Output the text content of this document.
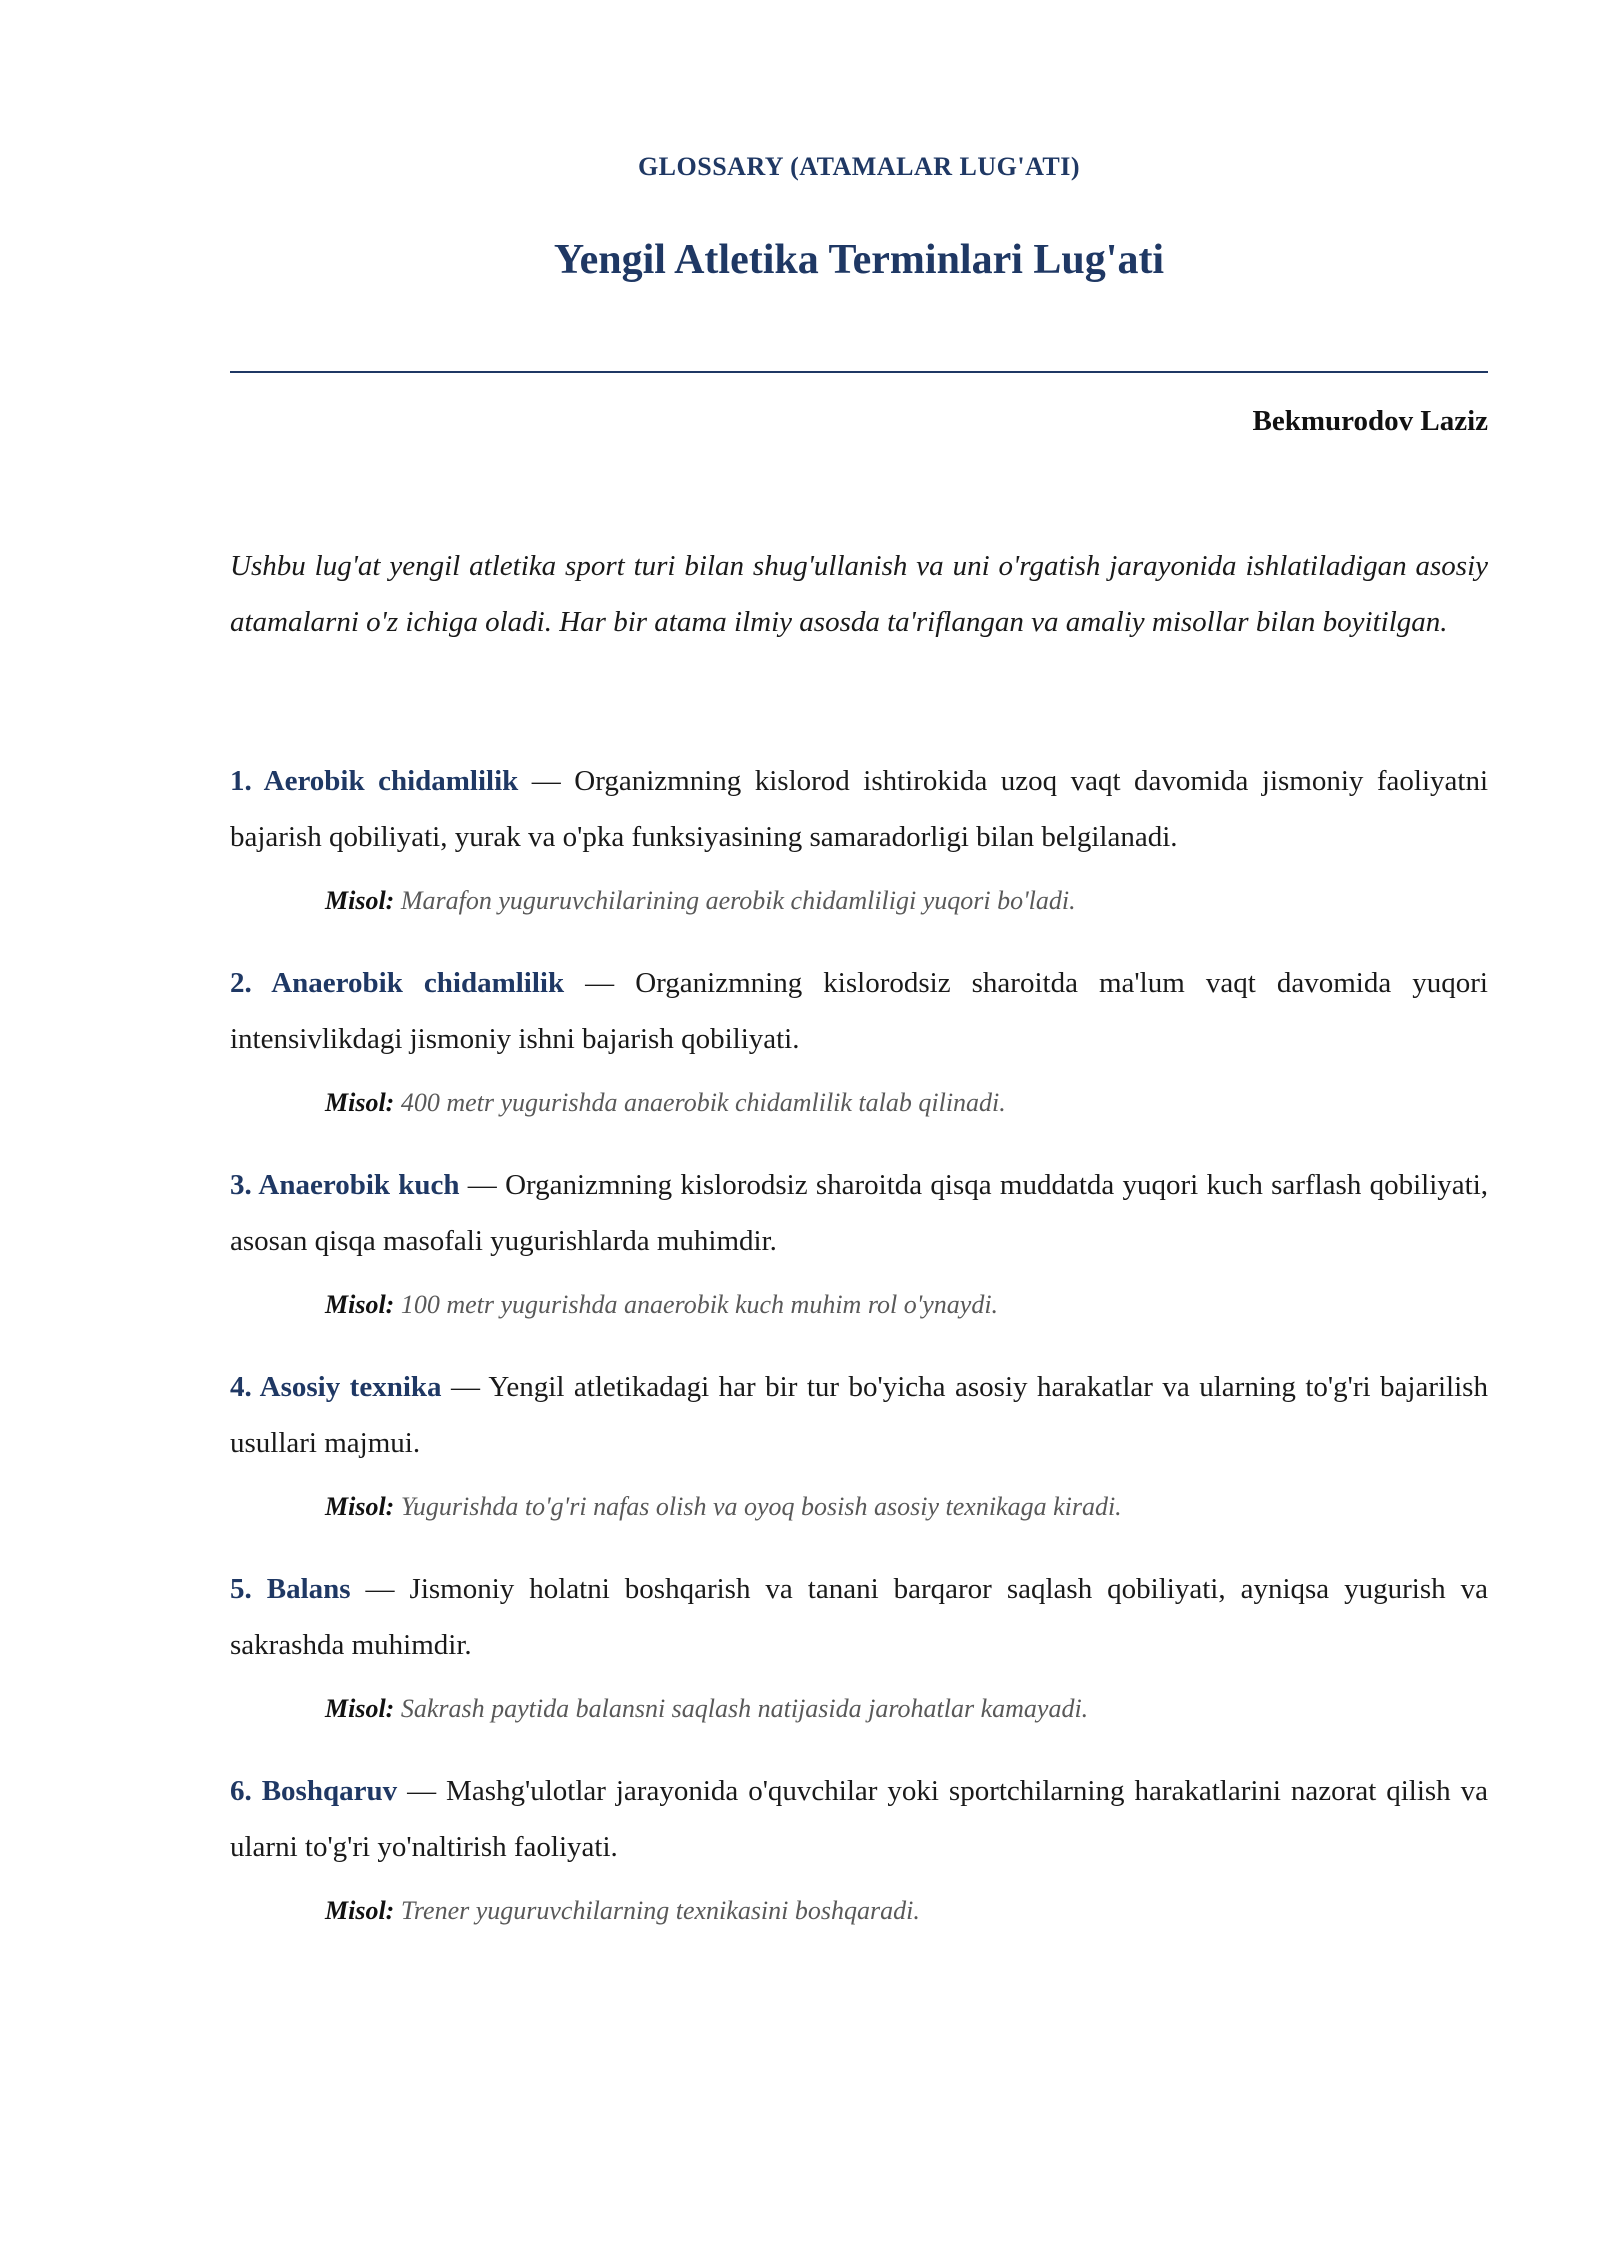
GLOSSARY (ATAMALAR LUG'ATI)
Yengil Atletika Terminlari Lug'ati
Bekmurodov Laziz
Ushbu lug'at yengil atletika sport turi bilan shug'ullanish va uni o'rgatish jarayonida ishlatiladigan asosiy atamalarni o'z ichiga oladi. Har bir atama ilmiy asosda ta'riflangan va amaliy misollar bilan boyitilgan.
1. Aerobik chidamlilik — Organizmning kislorod ishtirokida uzoq vaqt davomida jismoniy faoliyatni bajarish qobiliyati, yurak va o'pka funksiyasining samaradorligi bilan belgilanadi.
Misol: Marafon yuguruvchilarining aerobik chidamliligi yuqori bo'ladi.
2. Anaerobik chidamlilik — Organizmning kislorodsiz sharoitda ma'lum vaqt davomida yuqori intensivlikdagi jismoniy ishni bajarish qobiliyati.
Misol: 400 metr yugurishda anaerobik chidamlilik talab qilinadi.
3. Anaerobik kuch — Organizmning kislorodsiz sharoitda qisqa muddatda yuqori kuch sarflash qobiliyati, asosan qisqa masofali yugurishlarda muhimdir.
Misol: 100 metr yugurishda anaerobik kuch muhim rol o'ynaydi.
4. Asosiy texnika — Yengil atletikadagi har bir tur bo'yicha asosiy harakatlar va ularning to'g'ri bajarilish usullari majmui.
Misol: Yugurishda to'g'ri nafas olish va oyoq bosish asosiy texnikaga kiradi.
5. Balans — Jismoniy holatni boshqarish va tanani barqaror saqlash qobiliyati, ayniqsa yugurish va sakrashda muhimdir.
Misol: Sakrash paytida balansni saqlash natijasida jarohatlar kamayadi.
6. Boshqaruv — Mashg'ulotlar jarayonida o'quvchilar yoki sportchilarning harakatlarini nazorat qilish va ularni to'g'ri yo'naltirish faoliyati.
Misol: Trener yuguruvchilarning texnikasini boshqaradi.
